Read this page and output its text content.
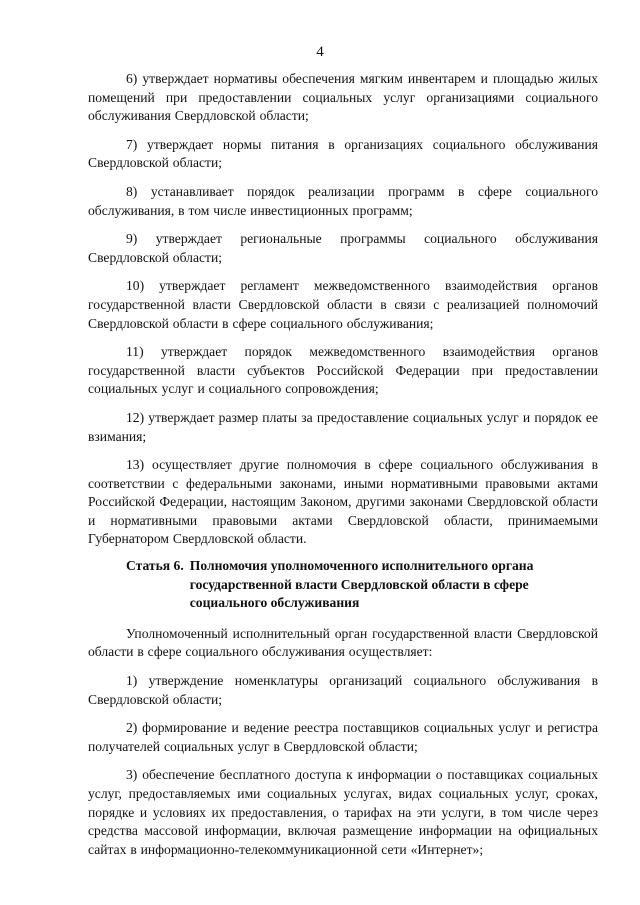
4

6) утверждает нормативы обеспечения мягким инвентарем и площадью жилых помещений при предоставлении социальных услуг организациями социального обслуживания Свердловской области;

7) утверждает нормы питания в организациях социального обслуживания Свердловской области;

8) устанавливает порядок реализации программ в сфере социального обслуживания, в том числе инвестиционных программ;

9) утверждает региональные программы социального обслуживания Свердловской области;

10) утверждает регламент межведомственного взаимодействия органов государственной власти Свердловской области в связи с реализацией полномочий Свердловской области в сфере социального обслуживания;

11) утверждает порядок межведомственного взаимодействия органов государственной власти субъектов Российской Федерации при предоставлении социальных услуг и социального сопровождения;

12) утверждает размер платы за предоставление социальных услуг и порядок ее взимания;

13) осуществляет другие полномочия в сфере социального обслуживания в соответствии с федеральными законами, иными нормативными правовыми актами Российской Федерации, настоящим Законом, другими законами Свердловской области и нормативными правовыми актами Свердловской области, принимаемыми Губернатором Свердловской области.

Статья 6. Полномочия уполномоченного исполнительного органа государственной власти Свердловской области в сфере социального обслуживания

Уполномоченный исполнительный орган государственной власти Свердловской области в сфере социального обслуживания осуществляет:

1) утверждение номенклатуры организаций социального обслуживания в Свердловской области;

2) формирование и ведение реестра поставщиков социальных услуг и регистра получателей социальных услуг в Свердловской области;

3) обеспечение бесплатного доступа к информации о поставщиках социальных услуг, предоставляемых ими социальных услугах, видах социальных услуг, сроках, порядке и условиях их предоставления, о тарифах на эти услуги, в том числе через средства массовой информации, включая размещение информации на официальных сайтах в информационно-телекоммуникационной сети «Интернет»;
